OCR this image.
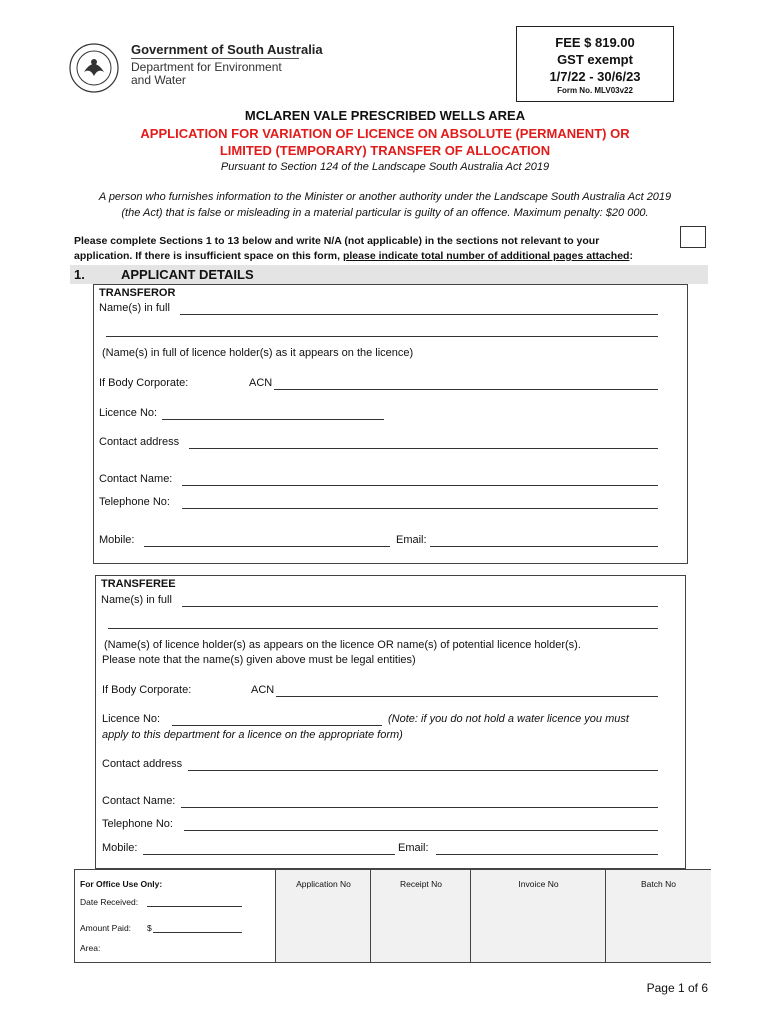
Government of South Australia
Department for Environment
and Water
FEE $ 819.00
GST exempt
1/7/22 - 30/6/23
Form No. MLV03v22
MCLAREN VALE PRESCRIBED WELLS AREA
APPLICATION FOR VARIATION OF LICENCE ON ABSOLUTE (PERMANENT) OR
LIMITED (TEMPORARY) TRANSFER OF ALLOCATION
Pursuant to Section 124 of the Landscape South Australia Act 2019
A person who furnishes information to the Minister or another authority under the Landscape South Australia Act 2019
(the Act) that is false or misleading in a material particular is guilty of an offence. Maximum penalty: $20 000.
Please complete Sections 1 to 13 below and write N/A (not applicable) in the sections not relevant to your
application. If there is insufficient space on this form, please indicate total number of additional pages attached:
1.	APPLICANT DETAILS
TRANSFEROR
Name(s) in full
(Name(s) in full of licence holder(s) as it appears on the licence)
If Body Corporate:	ACN
Licence No:
Contact address
Contact Name:
Telephone No:
Mobile:	Email:
TRANSFEREE
Name(s) in full
(Name(s) of licence holder(s) as appears on the licence OR name(s) of potential licence holder(s).
Please note that the name(s) given above must be legal entities)
If Body Corporate:	ACN
Licence No:	(Note: if you do not hold a water licence you must
apply to this department for a licence on the appropriate form)
Contact address
Contact Name:
Telephone No:
Mobile:	Email:
For Office Use Only:
Date Received:
Amount Paid: $
Area:
Application No	Receipt No	Invoice No	Batch No
Page 1 of 6
